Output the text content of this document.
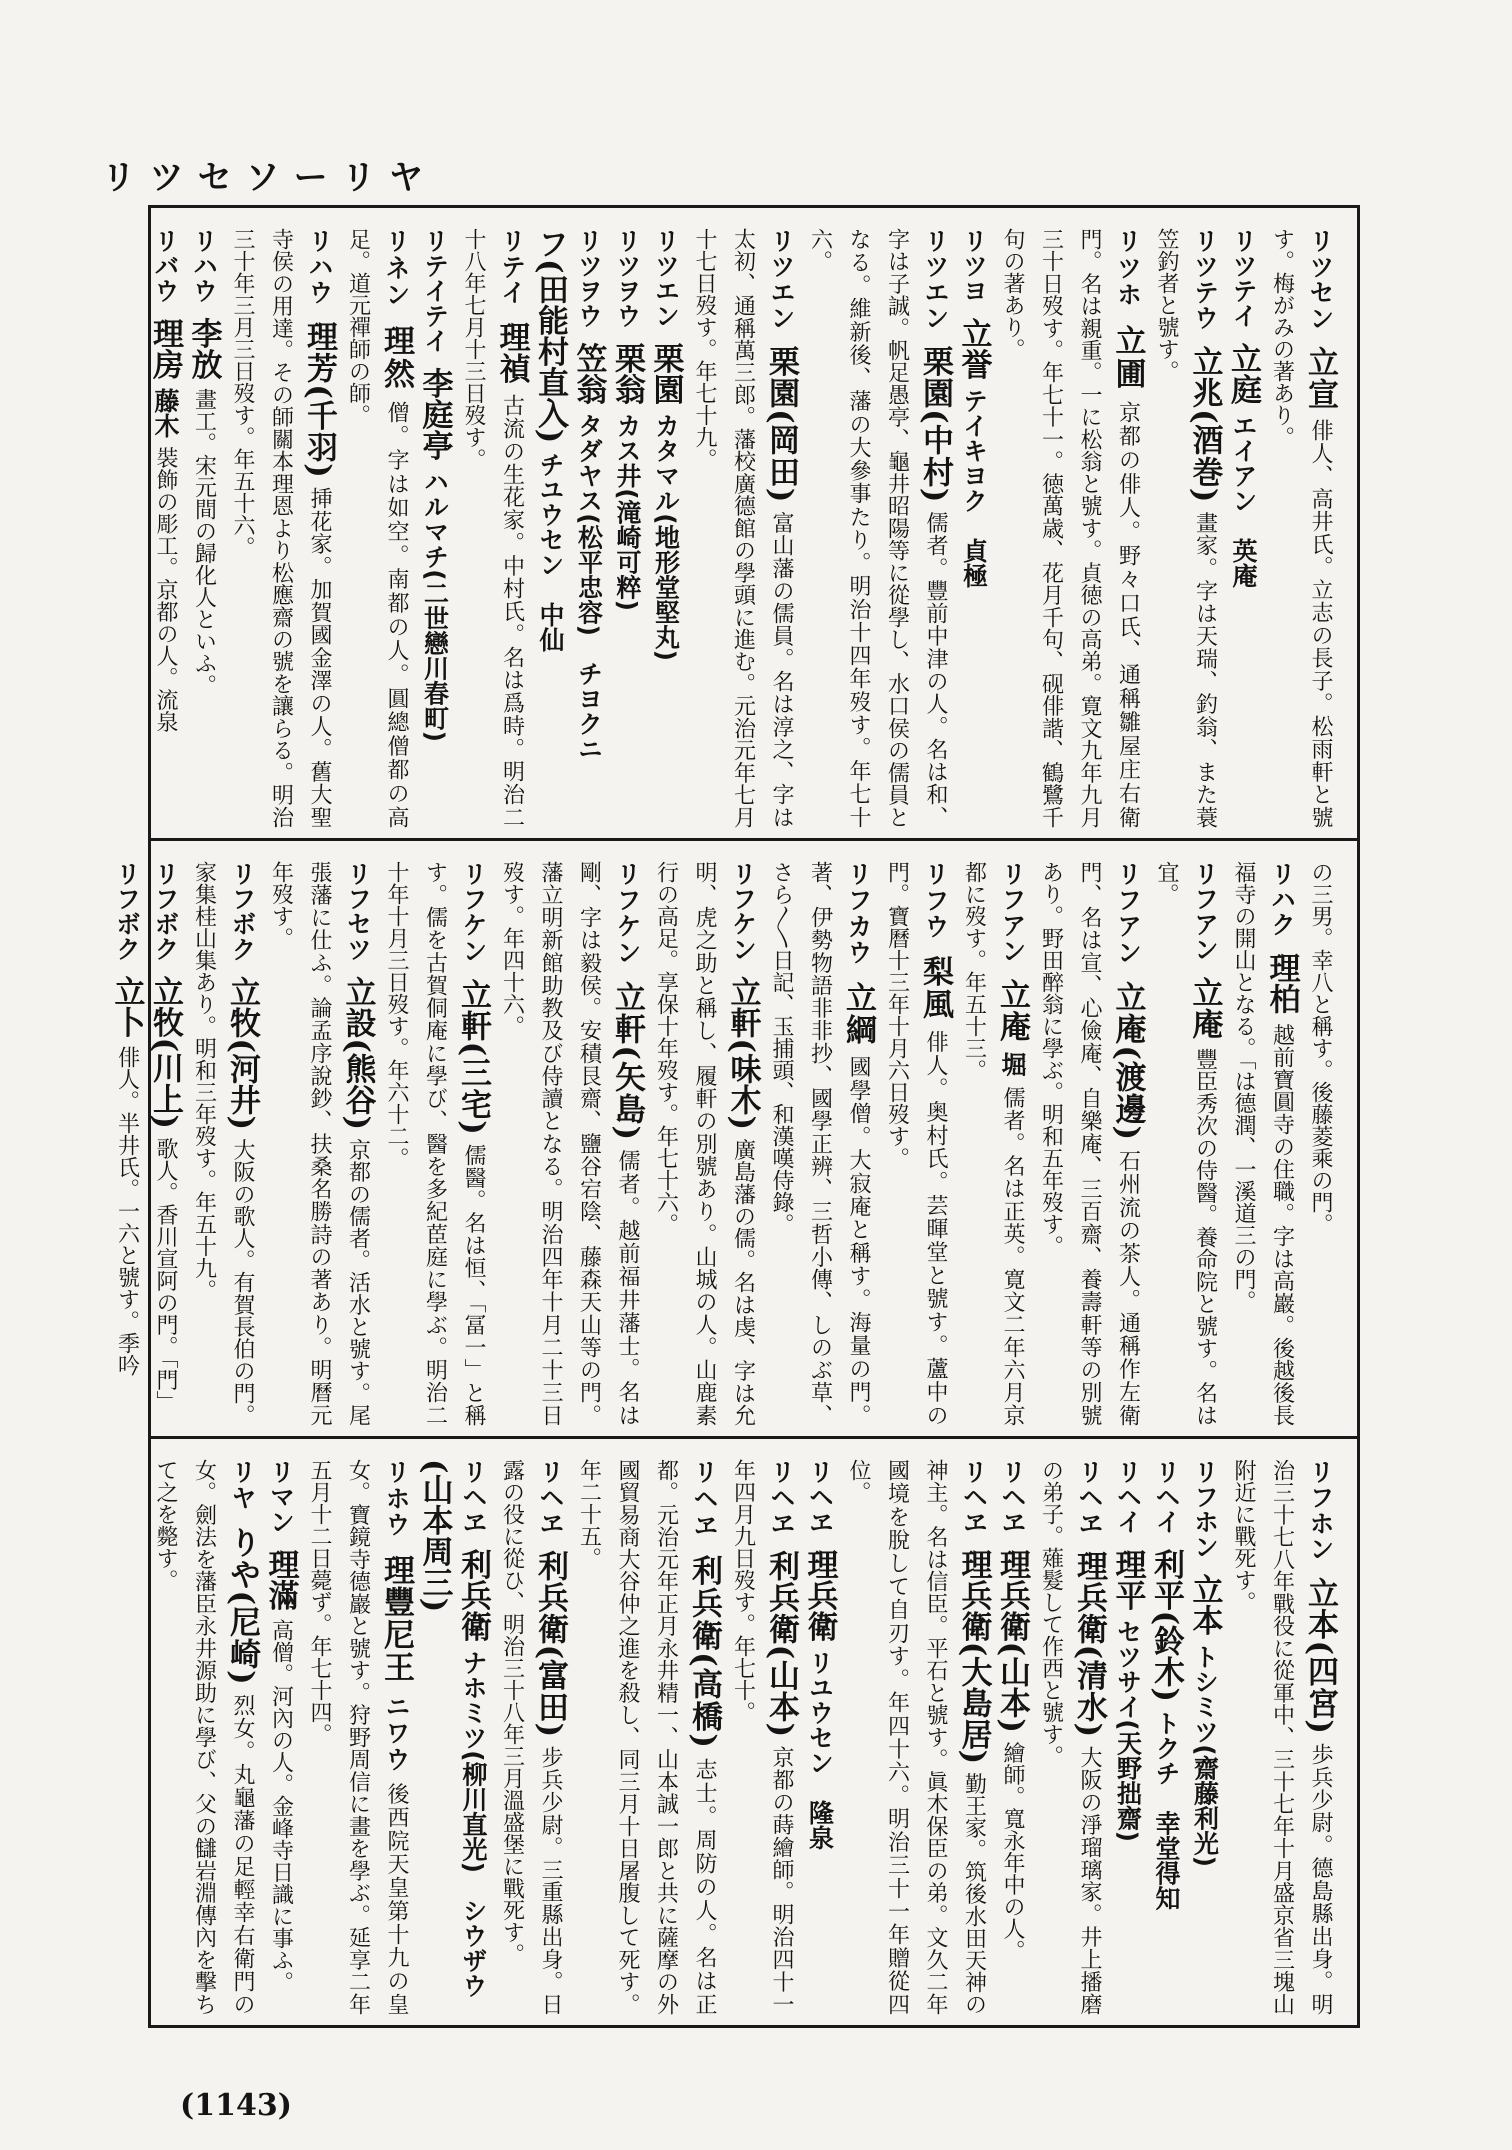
リツセソーリヤ

リツセン 立宣 俳人、高井氏。立志の長子。松雨軒と號す。梅がみの著あり。

リツテイ 立庭 エイアン　英庵

リツテウ 立兆(酒巻) 畫家。字は天瑞、釣翁、また蓑笠釣者と號す。

リツホ 立圃 京都の俳人。野々口氏、通稱雛屋庄右衛門。名は親重。一に松翁と號す。貞徳の高弟。寛文九年九月三十日歿す。年七十一。徳萬歳、花月千句、砚俳諧、鶴鷺千句の著あり。

リツヨ 立誉 テイキヨク　貞極

リツエン 栗園(中村) 儒者。豐前中津の人。名は和、字は子誠。帆足愚亭、龜井昭陽等に從學し、水口侯の儒員となる。維新後、藩の大參事たり。明治十四年歿す。年七十六。

リツエン 栗園(岡田) 富山藩の儒員。名は淳之、字は太初、通稱萬三郎。藩校廣德館の學頭に進む。元治元年七月十七日歿す。年七十九。

リツエン 栗園 カタマル(地形堂堅丸)

リツヲウ 栗翁 カス井(滝崎可粹)

リツヲウ 笠翁 タダヤス(松平忠容)　チヨクニ

フ(田能村直入) チユウセン　中仙

リテイ 理禎 古流の生花家。中村氏。名は爲時。明治二十八年七月十三日歿す。

リテイテイ 李庭亭 ハルマチ(二世戀川春町)

リネン 理然 僧。字は如空。南都の人。圓總僧都の高足。道元禪師の師。

リハウ 理芳(千羽) 挿花家。加賀國金澤の人。舊大聖寺侯の用達。その師關本理恩より松應齋の號を讓らる。明治三十年三月三日歿す。年五十六。

リハウ 李放 畫工。宋元間の歸化人といふ。

リバウ 理房 藤木 裝飾の彫工。京都の人。流泉

の三男。幸八と稱す。後藤菱乘の門。

リハク 理柏 越前寶圓寺の住職。字は高巖。後越後長福寺の開山となる。「は德潤、一溪道三の門。

リフアン 立庵 豐臣秀次の侍醫。養命院と號す。名は宜。

リフアン 立庵(渡邊) 石州流の茶人。通稱作左衛門、名は宣、心儉庵、自樂庵、三百齋、養壽軒等の別號あり。野田醉翁に學ぶ。明和五年歿す。

リフアン 立庵 堀 儒者。名は正英。寛文二年六月京都に歿す。年五十三。

リフウ 梨風 俳人。奥村氏。芸暉堂と號す。蘆中の門。寶曆十三年十月六日歿す。

リフカウ 立綱 國學僧。大寂庵と稱す。海量の門。著、伊勢物語非非抄、國學正辨、三哲小傳、しのぶ草、さら〳〵日記、玉捕頭、和漢嘆侍錄。

リフケン 立軒(味木) 廣島藩の儒。名は虔、字は允明、虎之助と稱し、履軒の別號あり。山城の人。山鹿素行の高足。享保十年歿す。年七十六。

リフケン 立軒(矢島) 儒者。越前福井藩士。名は剛、字は毅侯。安積艮齋、鹽谷宕陰、藤森天山等の門。藩立明新館助教及び侍讀となる。明治四年十月二十三日歿す。年四十六。

リフケン 立軒(三宅) 儒醫。名は恒、「冨一」と稱す。儒を古賀侗庵に學び、醫を多紀茞庭に學ぶ。明治二十年十月三日歿す。年六十二。

リフセツ 立設(熊谷) 京都の儒者。活水と號す。尾張藩に仕ふ。論孟序說鈔、扶桑名勝詩の著あり。明曆元年歿す。

リフボク 立牧(河井) 大阪の歌人。有賀長伯の門。家集桂山集あり。明和三年歿す。年五十九。

リフボク 立牧(川上) 歌人。香川宣阿の門。「門」

リフボク 立卜 俳人。半井氏。一六と號す。季吟

リフホン 立本(四宮) 歩兵少尉。德島縣出身。明治三十七八年戰役に從軍中、三十七年十月盛京省三塊山附近に戰死す。

リフホン 立本 トシミツ(齋藤利光)

リヘイ 利平(鈴木) トクチ　幸堂得知

リヘイ 理平 セツサイ(天野拙齋)

リヘヱ 理兵衛(清水) 大阪の淨瑠璃家。井上播磨の弟子。薙髮して作西と號す。

リヘヱ 理兵衛(山本) 繪師。寬永年中の人。

リヘヱ 理兵衛(大島居) 勤王家。筑後水田天神の神主。名は信臣。平石と號す。眞木保臣の弟。文久二年國境を脫して自刃す。年四十六。明治三十一年贈從四位。

リヘヱ 理兵衛 リユウセン　隆泉

リヘヱ 利兵衛(山本) 京都の蒔繪師。明治四十一年四月九日歿す。年七十。

リヘヱ 利兵衛(高橋) 志士。周防の人。名は正都。元治元年正月永井精一、山本誠一郎と共に薩摩の外國貿易商大谷仲之進を殺し、同三月十日屠腹して死す。年二十五。

リヘヱ 利兵衛(富田) 步兵少尉。三重縣出身。日露の役に從ひ、明治三十八年三月溫盛堡に戰死す。

リヘヱ 利兵衛 ナホミツ(柳川直光)　シウザウ

(山本周三)

リホウ 理豐尼王 ニワウ 後西院天皇第十九の皇女。寶鏡寺德巖と號す。狩野周信に畫を學ぶ。延享二年五月十二日薨ず。年七十四。

リマン 理滿 高僧。河內の人。金峰寺日識に事ふ。

リヤ りや(尼崎) 烈女。丸龜藩の足輕幸右衛門の女。劍法を藩臣永井源助に學び、父の讎岩淵傳內を擊ちて之を斃す。

(1143)
